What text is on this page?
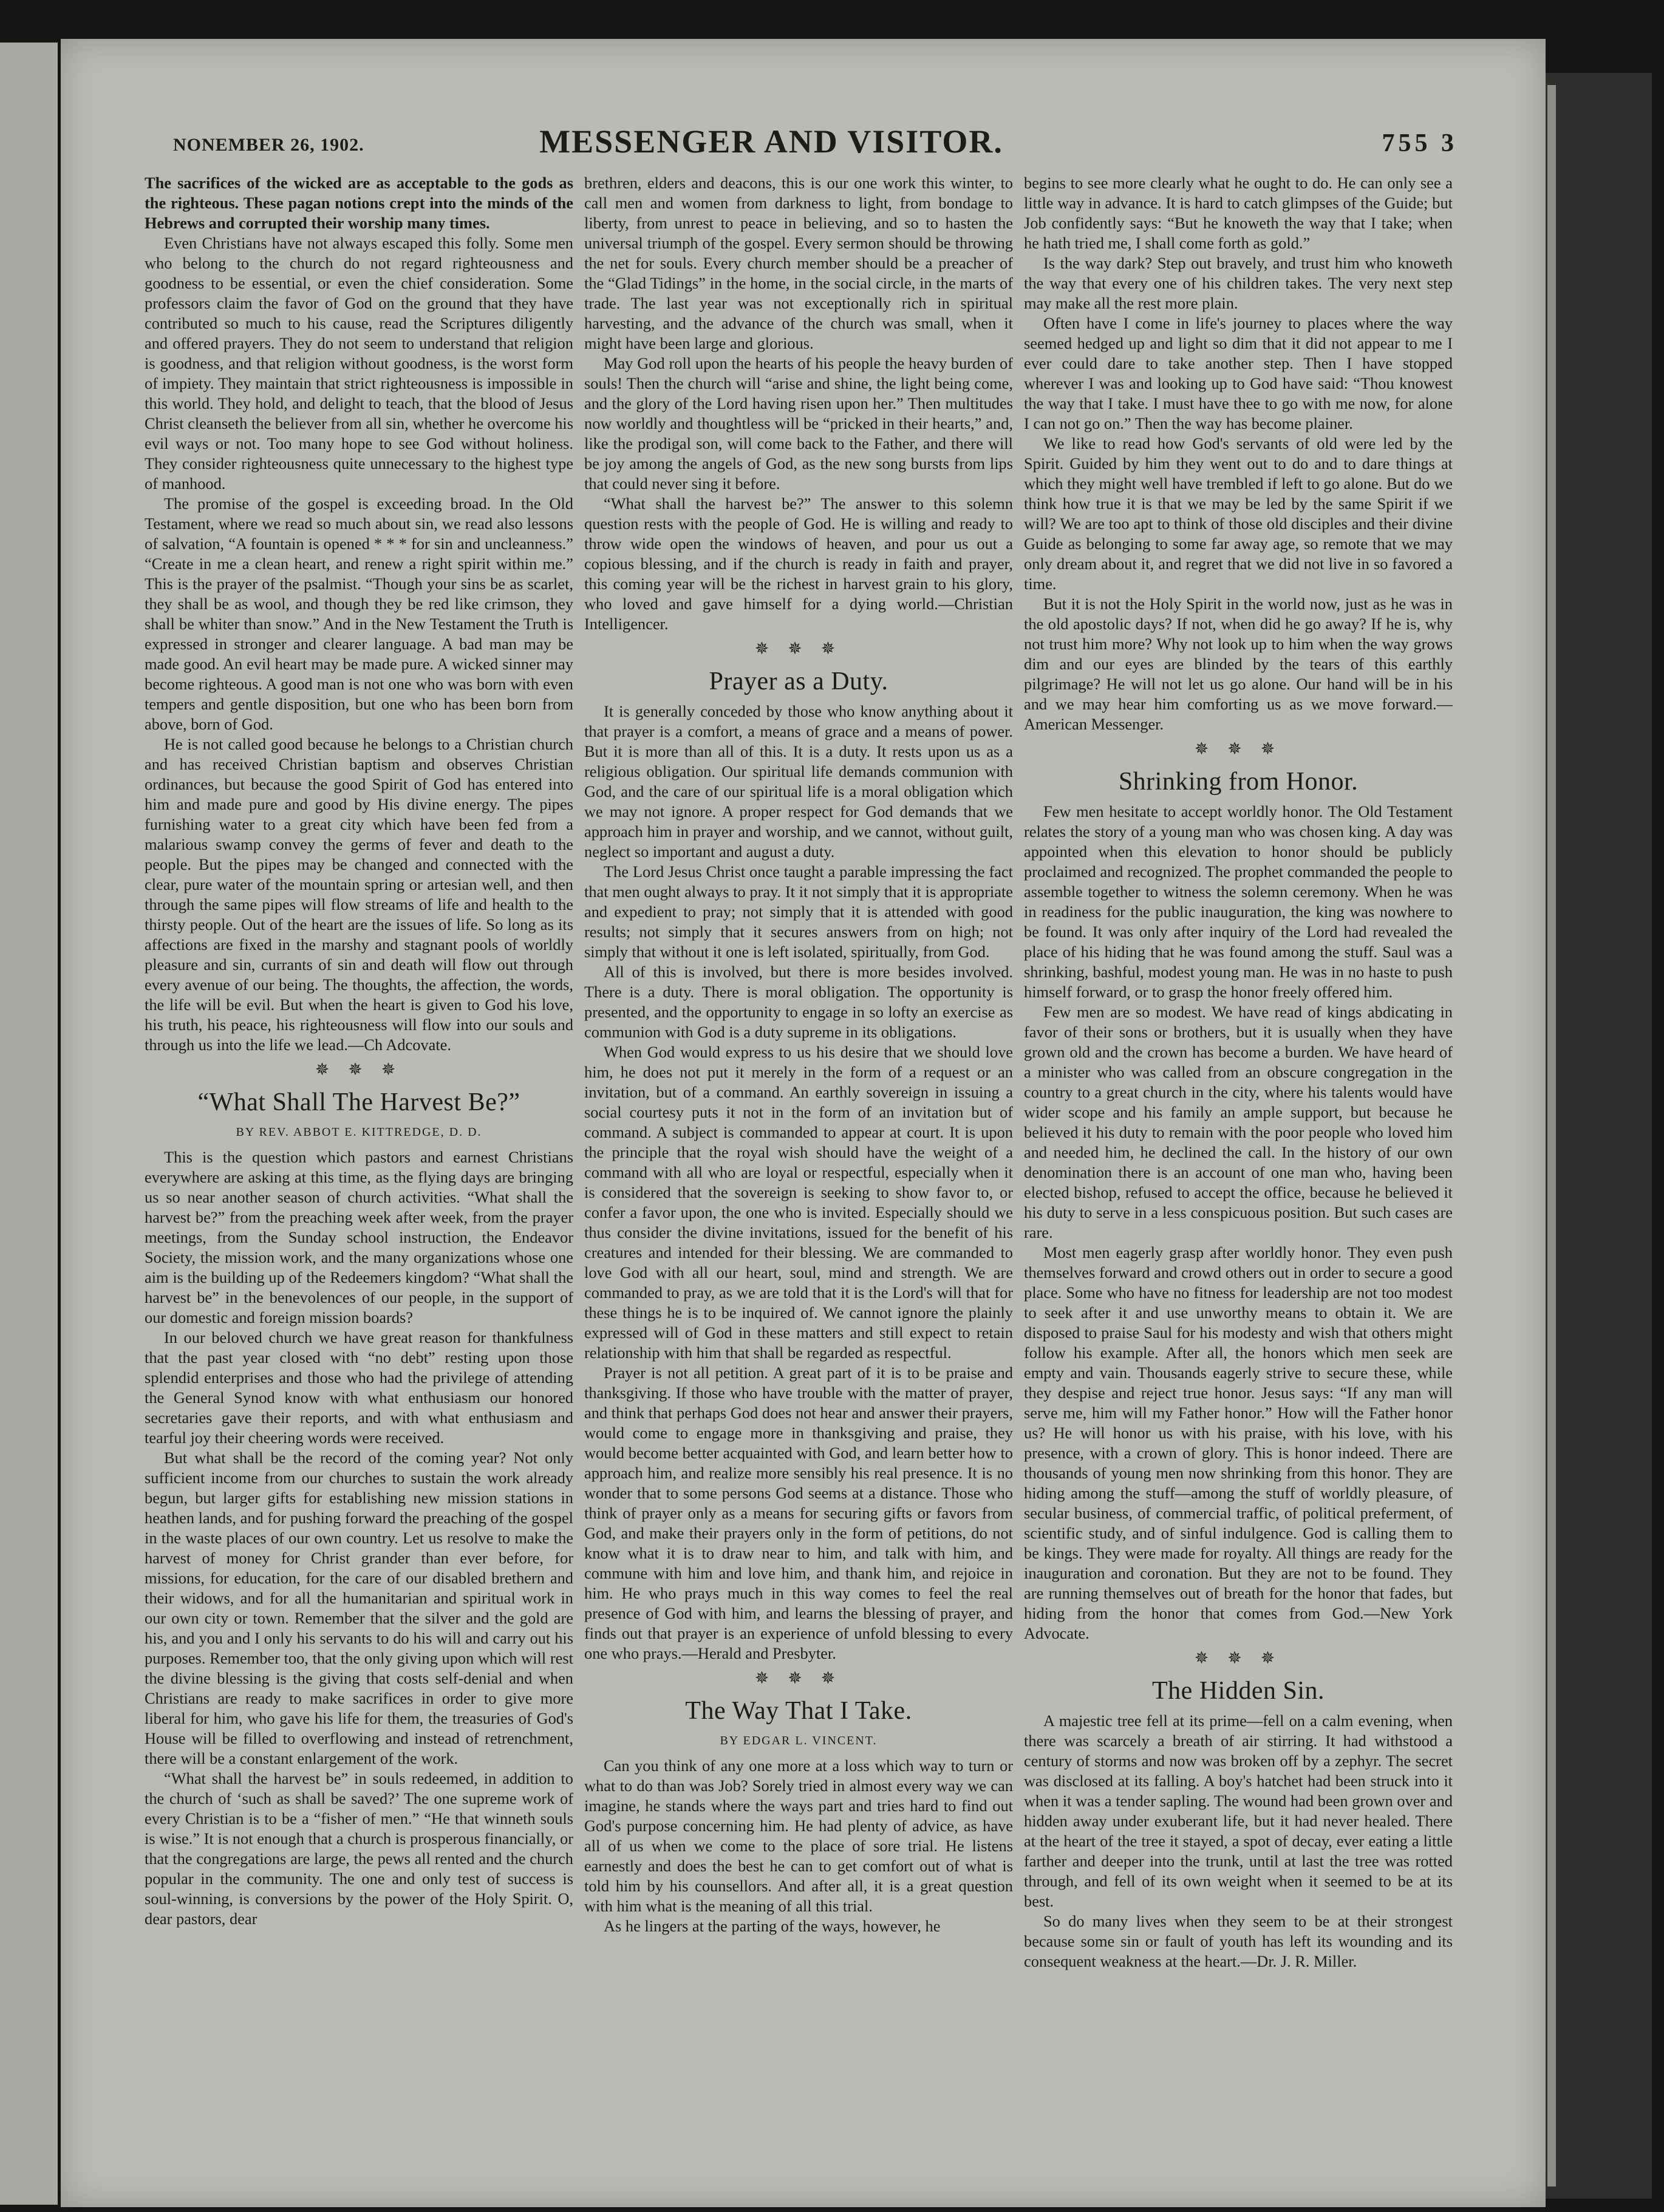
NONEMBER 26, 1902.	MESSENGER AND VISITOR.	755 3

The sacrifices of the wicked are as acceptable to the gods as the righteous. These pagan notions crept into the minds of the Hebrews and corrupted their worship many times.

Even Christians have not always escaped this folly. Some men who belong to the church do not regard righteousness and goodness to be essential, or even the chief consideration. Some professors claim the favor of God on the ground that they have contributed so much to his cause, read the Scriptures diligently and offered prayers. They do not seem to understand that religion is goodness, and that religion without goodness, is the worst form of impiety. They maintain that strict righteousness is impossible in this world. They hold, and delight to teach, that the blood of Jesus Christ cleanseth the believer from all sin, whether he overcome his evil ways or not. Too many hope to see God without holiness. They consider righteousness quite unnecessary to the highest type of manhood.

The promise of the gospel is exceeding broad. In the Old Testament, where we read so much about sin, we read also lessons of salvation, “A fountain is opened * * * for sin and uncleanness.” “Create in me a clean heart, and renew a right spirit within me.” This is the prayer of the psalmist. “Though your sins be as scarlet, they shall be as wool, and though they be red like crimson, they shall be whiter than snow.” And in the New Testament the Truth is expressed in stronger and clearer language. A bad man may be made good. An evil heart may be made pure. A wicked sinner may become righteous. A good man is not one who was born with even tempers and gentle disposition, but one who has been born from above, born of God.

He is not called good because he belongs to a Christian church and has received Christian baptism and observes Christian ordinances, but because the good Spirit of God has entered into him and made pure and good by His divine energy. The pipes furnishing water to a great city which have been fed from a malarious swamp convey the germs of fever and death to the people. But the pipes may be changed and connected with the clear, pure water of the mountain spring or artesian well, and then through the same pipes will flow streams of life and health to the thirsty people. Out of the heart are the issues of life. So long as its affections are fixed in the marshy and stagnant pools of worldly pleasure and sin, currants of sin and death will flow out through every avenue of our being. The thoughts, the affection, the words, the life will be evil. But when the heart is given to God his love, his truth, his peace, his righteousness will flow into our souls and through us into the life we lead.—Ch Adcovate.

✵ ✵ ✵
“What Shall The Harvest Be?”
BY REV. ABBOT E. KITTREDGE, D. D.

This is the question which pastors and earnest Christians everywhere are asking at this time, as the flying days are bringing us so near another season of church activities. “What shall the harvest be?” from the preaching week after week, from the prayer meetings, from the Sunday school instruction, the Endeavor Society, the mission work, and the many organizations whose one aim is the building up of the Redeemers kingdom? “What shall the harvest be” in the benevolences of our people, in the support of our domestic and foreign mission boards?

In our beloved church we have great reason for thankfulness that the past year closed with “no debt” resting upon those splendid enterprises and those who had the privilege of attending the General Synod know with what enthusiasm our honored secretaries gave their reports, and with what enthusiasm and tearful joy their cheering words were received.

But what shall be the record of the coming year? Not only sufficient income from our churches to sustain the work already begun, but larger gifts for establishing new mission stations in heathen lands, and for pushing forward the preaching of the gospel in the waste places of our own country. Let us resolve to make the harvest of money for Christ grander than ever before, for missions, for education, for the care of our disabled brethern and their widows, and for all the humanitarian and spiritual work in our own city or town. Remember that the silver and the gold are his, and you and I only his servants to do his will and carry out his purposes. Remember too, that the only giving upon which will rest the divine blessing is the giving that costs self-denial and when Christians are ready to make sacrifices in order to give more liberal for him, who gave his life for them, the treasuries of God's House will be filled to overflowing and instead of retrenchment, there will be a constant enlargement of the work.

“What shall the harvest be” in souls redeemed, in addition to the church of ‘such as shall be saved?’ The one supreme work of every Christian is to be a “fisher of men.” “He that winneth souls is wise.” It is not enough that a church is prosperous financially, or that the congregations are large, the pews all rented and the church popular in the community. The one and only test of success is soul-winning, is conversions by the power of the Holy Spirit. O, dear pastors, dear

brethren, elders and deacons, this is our one work this winter, to call men and women from darkness to light, from bondage to liberty, from unrest to peace in believing, and so to hasten the universal triumph of the gospel. Every sermon should be throwing the net for souls. Every church member should be a preacher of the “Glad Tidings” in the home, in the social circle, in the marts of trade. The last year was not exceptionally rich in spiritual harvesting, and the advance of the church was small, when it might have been large and glorious.

May God roll upon the hearts of his people the heavy burden of souls! Then the church will “arise and shine, the light being come, and the glory of the Lord having risen upon her.” Then multitudes now worldly and thoughtless will be “pricked in their hearts,” and, like the prodigal son, will come back to the Father, and there will be joy among the angels of God, as the new song bursts from lips that could never sing it before.

“What shall the harvest be?” The answer to this solemn question rests with the people of God. He is willing and ready to throw wide open the windows of heaven, and pour us out a copious blessing, and if the church is ready in faith and prayer, this coming year will be the richest in harvest grain to his glory, who loved and gave himself for a dying world.—Christian Intelligencer.

✵ ✵ ✵
Prayer as a Duty.

It is generally conceded by those who know anything about it that prayer is a comfort, a means of grace and a means of power. But it is more than all of this. It is a duty. It rests upon us as a religious obligation. Our spiritual life demands communion with God, and the care of our spiritual life is a moral obligation which we may not ignore. A proper respect for God demands that we approach him in prayer and worship, and we cannot, without guilt, neglect so important and august a duty.

The Lord Jesus Christ once taught a parable impressing the fact that men ought always to pray. It it not simply that it is appropriate and expedient to pray; not simply that it is attended with good results; not simply that it secures answers from on high; not simply that without it one is left isolated, spiritually, from God.

All of this is involved, but there is more besides involved. There is a duty. There is moral obligation. The opportunity is presented, and the opportunity to engage in so lofty an exercise as communion with God is a duty supreme in its obligations.

When God would express to us his desire that we should love him, he does not put it merely in the form of a request or an invitation, but of a command. An earthly sovereign in issuing a social courtesy puts it not in the form of an invitation but of command. A subject is commanded to appear at court. It is upon the principle that the royal wish should have the weight of a command with all who are loyal or respectful, especially when it is considered that the sovereign is seeking to show favor to, or confer a favor upon, the one who is invited. Especially should we thus consider the divine invitations, issued for the benefit of his creatures and intended for their blessing. We are commanded to love God with all our heart, soul, mind and strength. We are commanded to pray, as we are told that it is the Lord's will that for these things he is to be inquired of. We cannot ignore the plainly expressed will of God in these matters and still expect to retain relationship with him that shall be regarded as respectful.

Prayer is not all petition. A great part of it is to be praise and thanksgiving. If those who have trouble with the matter of prayer, and think that perhaps God does not hear and answer their prayers, would come to engage more in thanksgiving and praise, they would become better acquainted with God, and learn better how to approach him, and realize more sensibly his real presence. It is no wonder that to some persons God seems at a distance. Those who think of prayer only as a means for securing gifts or favors from God, and make their prayers only in the form of petitions, do not know what it is to draw near to him, and talk with him, and commune with him and love him, and thank him, and rejoice in him. He who prays much in this way comes to feel the real presence of God with him, and learns the blessing of prayer, and finds out that prayer is an experience of unfold blessing to every one who prays.—Herald and Presbyter.

✵ ✵ ✵
The Way That I Take.
BY EDGAR L. VINCENT.

Can you think of any one more at a loss which way to turn or what to do than was Job? Sorely tried in almost every way we can imagine, he stands where the ways part and tries hard to find out God's purpose concerning him. He had plenty of advice, as have all of us when we come to the place of sore trial. He listens earnestly and does the best he can to get comfort out of what is told him by his counsellors. And after all, it is a great question with him what is the meaning of all this trial.

As he lingers at the parting of the ways, however, he

begins to see more clearly what he ought to do. He can only see a little way in advance. It is hard to catch glimpses of the Guide; but Job confidently says: “But he knoweth the way that I take; when he hath tried me, I shall come forth as gold.”

Is the way dark? Step out bravely, and trust him who knoweth the way that every one of his children takes. The very next step may make all the rest more plain.

Often have I come in life's journey to places where the way seemed hedged up and light so dim that it did not appear to me I ever could dare to take another step. Then I have stopped wherever I was and looking up to God have said: “Thou knowest the way that I take. I must have thee to go with me now, for alone I can not go on.” Then the way has become plainer.

We like to read how God's servants of old were led by the Spirit. Guided by him they went out to do and to dare things at which they might well have trembled if left to go alone. But do we think how true it is that we may be led by the same Spirit if we will? We are too apt to think of those old disciples and their divine Guide as belonging to some far away age, so remote that we may only dream about it, and regret that we did not live in so favored a time.

But it is not the Holy Spirit in the world now, just as he was in the old apostolic days? If not, when did he go away? If he is, why not trust him more? Why not look up to him when the way grows dim and our eyes are blinded by the tears of this earthly pilgrimage? He will not let us go alone. Our hand will be in his and we may hear him comforting us as we move forward.—American Messenger.

✵ ✵ ✵
Shrinking from Honor.

Few men hesitate to accept worldly honor. The Old Testament relates the story of a young man who was chosen king. A day was appointed when this elevation to honor should be publicly proclaimed and recognized. The prophet commanded the people to assemble together to witness the solemn ceremony. When he was in readiness for the public inauguration, the king was nowhere to be found. It was only after inquiry of the Lord had revealed the place of his hiding that he was found among the stuff. Saul was a shrinking, bashful, modest young man. He was in no haste to push himself forward, or to grasp the honor freely offered him.

Few men are so modest. We have read of kings abdicating in favor of their sons or brothers, but it is usually when they have grown old and the crown has become a burden. We have heard of a minister who was called from an obscure congregation in the country to a great church in the city, where his talents would have wider scope and his family an ample support, but because he believed it his duty to remain with the poor people who loved him and needed him, he declined the call. In the history of our own denomination there is an account of one man who, having been elected bishop, refused to accept the office, because he believed it his duty to serve in a less conspicuous position. But such cases are rare.

Most men eagerly grasp after worldly honor. They even push themselves forward and crowd others out in order to secure a good place. Some who have no fitness for leadership are not too modest to seek after it and use unworthy means to obtain it. We are disposed to praise Saul for his modesty and wish that others might follow his example. After all, the honors which men seek are empty and vain. Thousands eagerly strive to secure these, while they despise and reject true honor. Jesus says: “If any man will serve me, him will my Father honor.” How will the Father honor us? He will honor us with his praise, with his love, with his presence, with a crown of glory. This is honor indeed. There are thousands of young men now shrinking from this honor. They are hiding among the stuff—among the stuff of worldly pleasure, of secular business, of commercial traffic, of political preferment, of scientific study, and of sinful indulgence. God is calling them to be kings. They were made for royalty. All things are ready for the inauguration and coronation. But they are not to be found. They are running themselves out of breath for the honor that fades, but hiding from the honor that comes from God.—New York Advocate.

✵ ✵ ✵
The Hidden Sin.

A majestic tree fell at its prime—fell on a calm evening, when there was scarcely a breath of air stirring. It had withstood a century of storms and now was broken off by a zephyr. The secret was disclosed at its falling. A boy's hatchet had been struck into it when it was a tender sapling. The wound had been grown over and hidden away under exuberant life, but it had never healed. There at the heart of the tree it stayed, a spot of decay, ever eating a little farther and deeper into the trunk, until at last the tree was rotted through, and fell of its own weight when it seemed to be at its best.

So do many lives when they seem to be at their strongest because some sin or fault of youth has left its wounding and its consequent weakness at the heart.—Dr. J. R. Miller.
